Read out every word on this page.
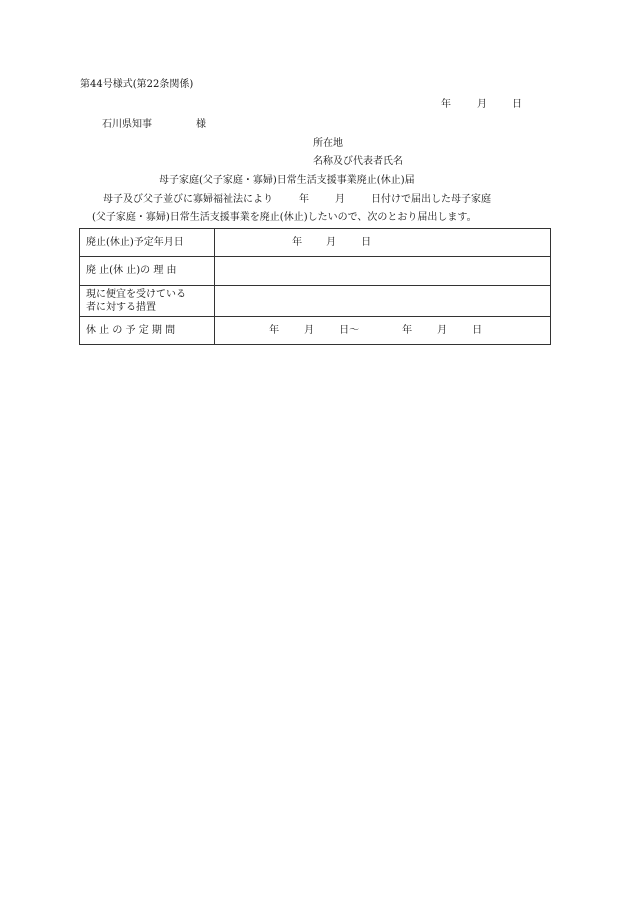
第44号様式(第22条関係)
年	月	日
石川県知事	様
所在地
名称及び代表者氏名
母子家庭(父子家庭・寡婦)日常生活支援事業廃止(休止)届
母子及び父子並びに寡婦福祉法により	年	月	日付けで届出した母子家庭
(父子家庭・寡婦)日常生活支援事業を廃止(休止)したいので、次のとおり届出します。
廃止(休止)予定年月日	年 月 日
廃 止(休 止)の 理 由	

現に便宜を受けている
者に対する措置	

休 止 の 予 定 期 間	年 月 日〜 年 月 日
